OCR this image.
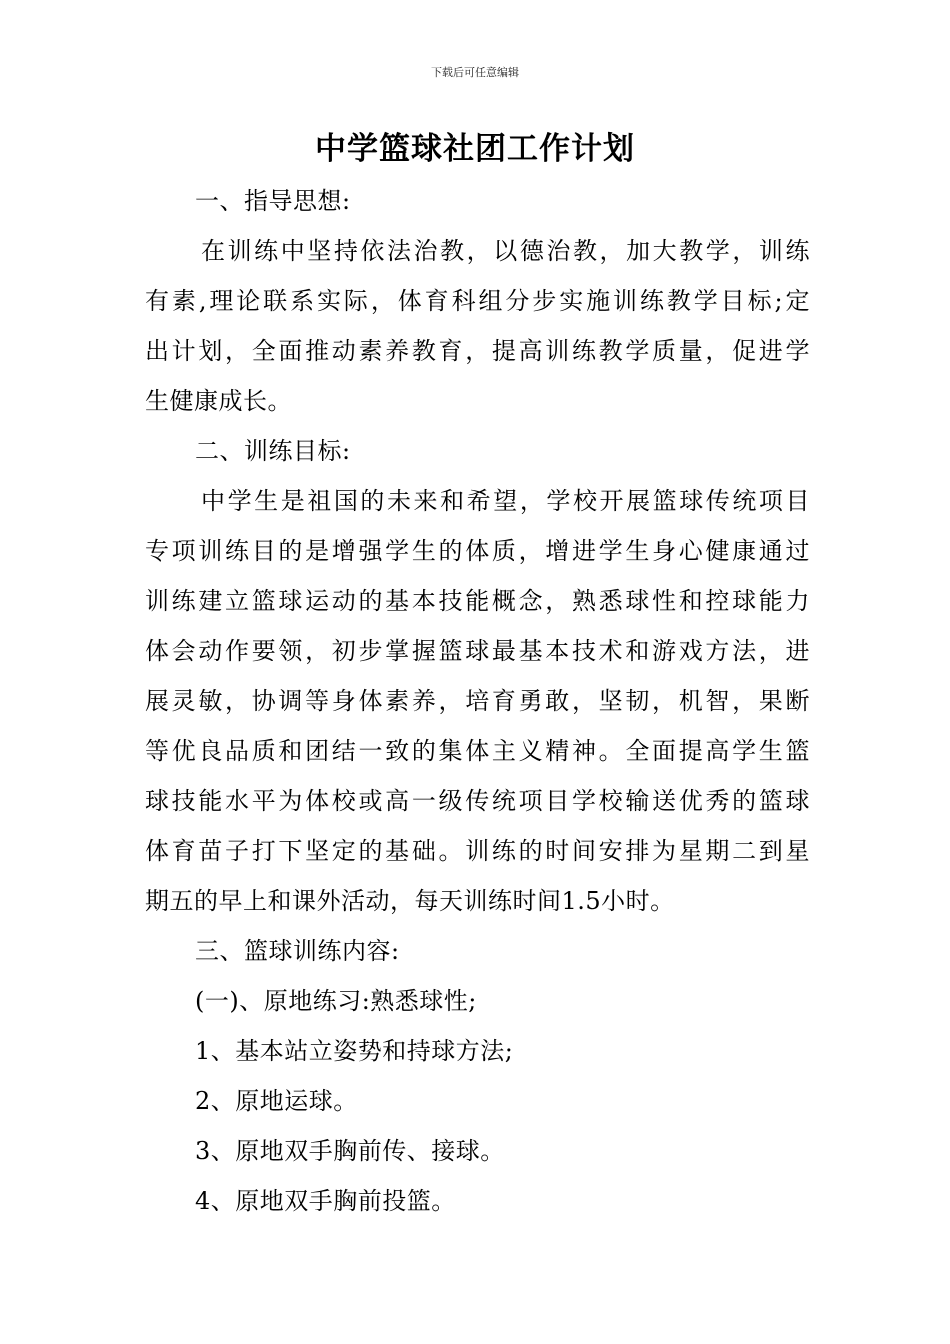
下载后可任意编辑
中学篮球社团工作计划
一、指导思想:
在训练中坚持依法治教，以德治教，加大教学，训练
有素,理论联系实际，体育科组分步实施训练教学目标;定
出计划，全面推动素养教育，提高训练教学质量，促进学
生健康成长。
二、训练目标:
中学生是祖国的未来和希望，学校开展篮球传统项目
专项训练目的是增强学生的体质，增进学生身心健康通过
训练建立篮球运动的基本技能概念，熟悉球性和控球能力
体会动作要领，初步掌握篮球最基本技术和游戏方法，进
展灵敏，协调等身体素养，培育勇敢，坚韧，机智，果断
等优良品质和团结一致的集体主义精神。全面提高学生篮
球技能水平为体校或高一级传统项目学校输送优秀的篮球
体育苗子打下坚定的基础。训练的时间安排为星期二到星
期五的早上和课外活动，每天训练时间1.5小时。
三、篮球训练内容:
(一)、原地练习:熟悉球性;
1、基本站立姿势和持球方法;
2、原地运球。
3、原地双手胸前传、接球。
4、原地双手胸前投篮。
